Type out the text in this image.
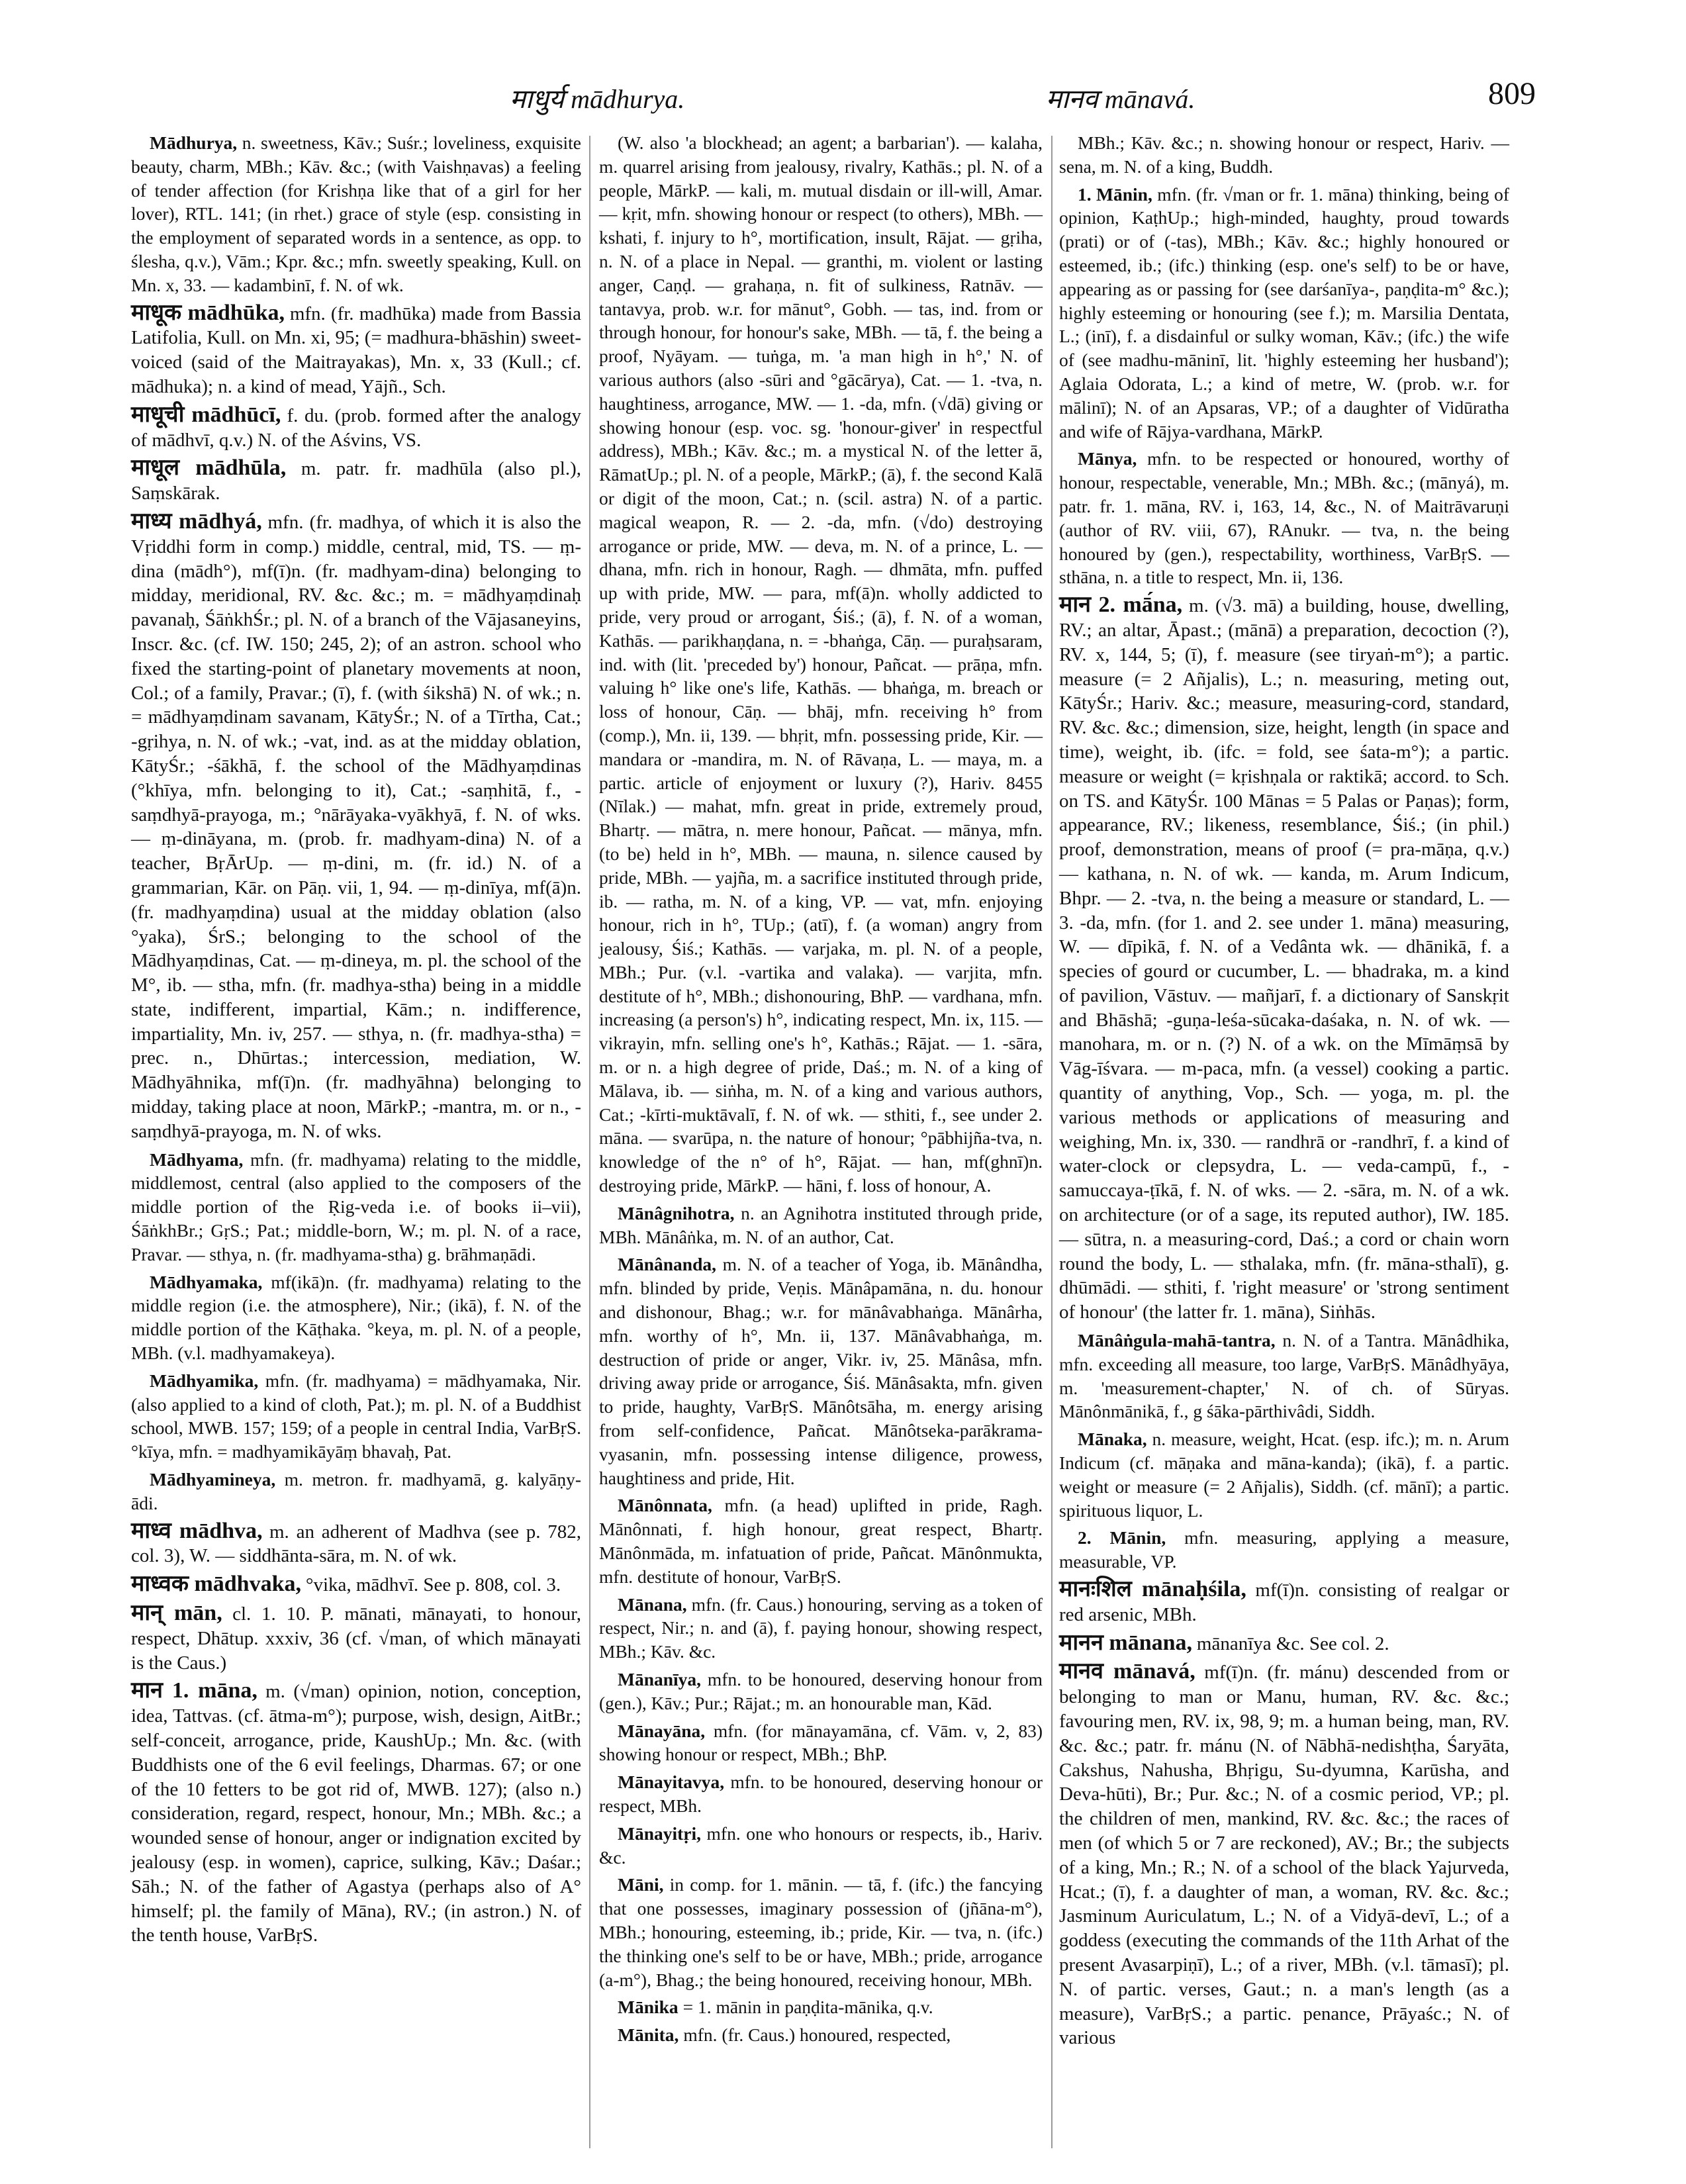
माधुर्य mādhurya.	मानव mānavá.	809

Mādhurya, n. sweetness, Kāv.; Suśr.; loveliness, exquisite beauty, charm, MBh.; Kāv. &c.; (with Vaishṇavas) a feeling of tender affection (for Krishṇa like that of a girl for her lover), RTL. 141; (in rhet.) grace of style (esp. consisting in the employment of separated words in a sentence, as opp. to ślesha, q.v.), Vām.; Kpr. &c.; mfn. sweetly speaking, Kull. on Mn. x, 33. — kadambinī, f. N. of wk.

माधूक mādhūka, mfn. (fr. madhūka) made from Bassia Latifolia, Kull. on Mn. xi, 95; (= madhura-bhāshin) sweet-voiced (said of the Maitrayakas), Mn. x, 33 (Kull.; cf. mādhuka); n. a kind of mead, Yājñ., Sch.

माधूची mādhūcī, f. du. (prob. formed after the analogy of mādhvī, q.v.) N. of the Aśvins, VS.

माधूल mādhūla, m. patr. fr. madhūla (also pl.), Saṃskārak.

माध्य mādhyá, mfn. (fr. madhya, of which it is also the Vṛiddhi form in comp.) middle, central, mid, TS. — ṃ-dina (mādh°), mf(ī)n. (fr. madhyam-dina) belonging to midday, meridional, RV. &c. &c.; m. = mādhyaṃdinaḥ pavanaḥ, ŚāṅkhŚr.; pl. N. of a branch of the Vājasaneyins, Inscr. &c. (cf. IW. 150; 245, 2); of an astron. school who fixed the starting-point of planetary movements at noon, Col.; of a family, Pravar.; (ī), f. (with śikshā) N. of wk.; n. = mādhyaṃdinam savanam, KātyŚr.; N. of a Tīrtha, Cat.; -gṛihya, n. N. of wk.; -vat, ind. as at the midday oblation, KātyŚr.; -śākhā, f. the school of the Mādhyaṃdinas (°khīya, mfn. belonging to it), Cat.; -saṃhitā, f., -saṃdhyā-prayoga, m.; °nārāyaka-vyākhyā, f. N. of wks. — ṃ-dināyana, m. (prob. fr. madhyam-dina) N. of a teacher, BṛĀrUp. — ṃ-dini, m. (fr. id.) N. of a grammarian, Kār. on Pāṇ. vii, 1, 94. — ṃ-dinīya, mf(ā)n. (fr. madhyaṃdina) usual at the midday oblation (also °yaka), ŚrS.; belonging to the school of the Mādhyaṃdinas, Cat. — ṃ-dineya, m. pl. the school of the M°, ib. — stha, mfn. (fr. madhya-stha) being in a middle state, indifferent, impartial, Kām.; n. indifference, impartiality, Mn. iv, 257. — sthya, n. (fr. madhya-stha) = prec. n., Dhūrtas.; intercession, mediation, W. Mādhyāhnika, mf(ī)n. (fr. madhyāhna) belonging to midday, taking place at noon, MārkP.; -mantra, m. or n., -saṃdhyā-prayoga, m. N. of wks.

Mādhyama, mfn. (fr. madhyama) relating to the middle, middlemost, central (also applied to the composers of the middle portion of the Ṛig-veda i.e. of books ii–vii), ŚāṅkhBr.; GṛS.; Pat.; middle-born, W.; m. pl. N. of a race, Pravar. — sthya, n. (fr. madhyama-stha) g. brāhmaṇādi.

Mādhyamaka, mf(ikā)n. (fr. madhyama) relating to the middle region (i.e. the atmosphere), Nir.; (ikā), f. N. of the middle portion of the Kāṭhaka. °keya, m. pl. N. of a people, MBh. (v.l. madhyamakeya).

Mādhyamika, mfn. (fr. madhyama) = mādhyamaka, Nir. (also applied to a kind of cloth, Pat.); m. pl. N. of a Buddhist school, MWB. 157; 159; of a people in central India, VarBṛS. °kīya, mfn. = madhyamikāyāṃ bhavaḥ, Pat.

Mādhyamineya, m. metron. fr. madhyamā, g. kalyāṇy-ādi.

माध्व mādhva, m. an adherent of Madhva (see p. 782, col. 3), W. — siddhānta-sāra, m. N. of wk.

माध्वक mādhvaka, °vika, mādhvī. See p. 808, col. 3.

मान् mān, cl. 1. 10. P. mānati, mānayati, to honour, respect, Dhātup. xxxiv, 36 (cf. √man, of which mānayati is the Caus.)

मान 1. māna, m. (√man) opinion, notion, conception, idea, Tattvas. (cf. ātma-m°); purpose, wish, design, AitBr.; self-conceit, arrogance, pride, KaushUp.; Mn. &c. (with Buddhists one of the 6 evil feelings, Dharmas. 67; or one of the 10 fetters to be got rid of, MWB. 127); (also n.) consideration, regard, respect, honour, Mn.; MBh. &c.; a wounded sense of honour, anger or indignation excited by jealousy (esp. in women), caprice, sulking, Kāv.; Daśar.; Sāh.; N. of the father of Agastya (perhaps also of A° himself; pl. the family of Māna), RV.; (in astron.) N. of the tenth house, VarBṛS.

(W. also 'a blockhead; an agent; a barbarian'). — kalaha, m. quarrel arising from jealousy, rivalry, Kathās.; pl. N. of a people, MārkP. — kali, m. mutual disdain or ill-will, Amar. — kṛit, mfn. showing honour or respect (to others), MBh. — kshati, f. injury to h°, mortification, insult, Rājat. — gṛiha, n. N. of a place in Nepal. — granthi, m. violent or lasting anger, Caṇḍ. — grahaṇa, n. fit of sulkiness, Ratnāv. — tantavya, prob. w.r. for mānut°, Gobh. — tas, ind. from or through honour, for honour's sake, MBh. — tā, f. the being a proof, Nyāyam. — tuṅga, m. 'a man high in h°,' N. of various authors (also -sūri and °gācārya), Cat. — 1. -tva, n. haughtiness, arrogance, MW. — 1. -da, mfn. (√dā) giving or showing honour (esp. voc. sg. 'honour-giver' in respectful address), MBh.; Kāv. &c.; m. a mystical N. of the letter ā, RāmatUp.; pl. N. of a people, MārkP.; (ā), f. the second Kalā or digit of the moon, Cat.; n. (scil. astra) N. of a partic. magical weapon, R. — 2. -da, mfn. (√do) destroying arrogance or pride, MW. — deva, m. N. of a prince, L. — dhana, mfn. rich in honour, Ragh. — dhmāta, mfn. puffed up with pride, MW. — para, mf(ā)n. wholly addicted to pride, very proud or arrogant, Śiś.; (ā), f. N. of a woman, Kathās. — parikhaṇḍana, n. = -bhaṅga, Cāṇ. — puraḥsaram, ind. with (lit. 'preceded by') honour, Pañcat. — prāṇa, mfn. valuing h° like one's life, Kathās. — bhaṅga, m. breach or loss of honour, Cāṇ. — bhāj, mfn. receiving h° from (comp.), Mn. ii, 139. — bhṛit, mfn. possessing pride, Kir. — mandara or -mandira, m. N. of Rāvaṇa, L. — maya, m. a partic. article of enjoyment or luxury (?), Hariv. 8455 (Nīlak.) — mahat, mfn. great in pride, extremely proud, Bhartṛ. — mātra, n. mere honour, Pañcat. — mānya, mfn. (to be) held in h°, MBh. — mauna, n. silence caused by pride, MBh. — yajña, m. a sacrifice instituted through pride, ib. — ratha, m. N. of a king, VP. — vat, mfn. enjoying honour, rich in h°, TUp.; (atī), f. (a woman) angry from jealousy, Śiś.; Kathās. — varjaka, m. pl. N. of a people, MBh.; Pur. (v.l. -vartika and valaka). — varjita, mfn. destitute of h°, MBh.; dishonouring, BhP. — vardhana, mfn. increasing (a person's) h°, indicating respect, Mn. ix, 115. — vikrayin, mfn. selling one's h°, Kathās.; Rājat. — 1. -sāra, m. or n. a high degree of pride, Daś.; m. N. of a king of Mālava, ib. — siṅha, m. N. of a king and various authors, Cat.; -kīrti-muktāvalī, f. N. of wk. — sthiti, f., see under 2. māna. — svarūpa, n. the nature of honour; °pābhijña-tva, n. knowledge of the n° of h°, Rājat. — han, mf(ghnī)n. destroying pride, MārkP. — hāni, f. loss of honour, A.

Mānâgnihotra, n. an Agnihotra instituted through pride, MBh. Mānâṅka, m. N. of an author, Cat.

Mānânanda, m. N. of a teacher of Yoga, ib. Mānândha, mfn. blinded by pride, Veṇis. Mānâpamāna, n. du. honour and dishonour, Bhag.; w.r. for mānâvabhaṅga. Mānârha, mfn. worthy of h°, Mn. ii, 137. Mānâvabhaṅga, m. destruction of pride or anger, Vikr. iv, 25. Mānâsa, mfn. driving away pride or arrogance, Śiś. Mānâsakta, mfn. given to pride, haughty, VarBṛS. Mānôtsāha, m. energy arising from self-confidence, Pañcat. Mānôtseka-parākrama-vyasanin, mfn. possessing intense diligence, prowess, haughtiness and pride, Hit.

Mānônnata, mfn. (a head) uplifted in pride, Ragh. Mānônnati, f. high honour, great respect, Bhartṛ. Mānônmāda, m. infatuation of pride, Pañcat. Mānônmukta, mfn. destitute of honour, VarBṛS.

Mānana, mfn. (fr. Caus.) honouring, serving as a token of respect, Nir.; n. and (ā), f. paying honour, showing respect, MBh.; Kāv. &c.

Mānanīya, mfn. to be honoured, deserving honour from (gen.), Kāv.; Pur.; Rājat.; m. an honourable man, Kād.

Mānayāna, mfn. (for mānayamāna, cf. Vām. v, 2, 83) showing honour or respect, MBh.; BhP.

Mānayitavya, mfn. to be honoured, deserving honour or respect, MBh.

Mānayitṛi, mfn. one who honours or respects, ib., Hariv. &c.

Māni, in comp. for 1. mānin. — tā, f. (ifc.) the fancying that one possesses, imaginary possession of (jñāna-m°), MBh.; honouring, esteeming, ib.; pride, Kir. — tva, n. (ifc.) the thinking one's self to be or have, MBh.; pride, arrogance (a-m°), Bhag.; the being honoured, receiving honour, MBh.

Mānika = 1. mānin in paṇḍita-mānika, q.v.

Mānita, mfn. (fr. Caus.) honoured, respected,

MBh.; Kāv. &c.; n. showing honour or respect, Hariv. — sena, m. N. of a king, Buddh.

1. Mānin, mfn. (fr. √man or fr. 1. māna) thinking, being of opinion, KaṭhUp.; high-minded, haughty, proud towards (prati) or of (-tas), MBh.; Kāv. &c.; highly honoured or esteemed, ib.; (ifc.) thinking (esp. one's self) to be or have, appearing as or passing for (see darśanīya-, paṇḍita-m° &c.); highly esteeming or honouring (see f.); m. Marsilia Dentata, L.; (inī), f. a disdainful or sulky woman, Kāv.; (ifc.) the wife of (see madhu-māninī, lit. 'highly esteeming her husband'); Aglaia Odorata, L.; a kind of metre, W. (prob. w.r. for mālinī); N. of an Apsaras, VP.; of a daughter of Vidūratha and wife of Rājya-vardhana, MārkP.

Mānya, mfn. to be respected or honoured, worthy of honour, respectable, venerable, Mn.; MBh. &c.; (mānyá), m. patr. fr. 1. māna, RV. i, 163, 14, &c., N. of Maitrāvaruṇi (author of RV. viii, 67), RAnukr. — tva, n. the being honoured by (gen.), respectability, worthiness, VarBṛS. — sthāna, n. a title to respect, Mn. ii, 136.

मान 2. mā́na, m. (√3. mā) a building, house, dwelling, RV.; an altar, Āpast.; (mānā) a preparation, decoction (?), RV. x, 144, 5; (ī), f. measure (see tiryaṅ-m°); a partic. measure (= 2 Añjalis), L.; n. measuring, meting out, KātyŚr.; Hariv. &c.; measure, measuring-cord, standard, RV. &c. &c.; dimension, size, height, length (in space and time), weight, ib. (ifc. = fold, see śata-m°); a partic. measure or weight (= kṛishṇala or raktikā; accord. to Sch. on TS. and KātyŚr. 100 Mānas = 5 Palas or Paṇas); form, appearance, RV.; likeness, resemblance, Śiś.; (in phil.) proof, demonstration, means of proof (= pra-māṇa, q.v.) — kathana, n. N. of wk. — kanda, m. Arum Indicum, Bhpr. — 2. -tva, n. the being a measure or standard, L. — 3. -da, mfn. (for 1. and 2. see under 1. māna) measuring, W. — dīpikā, f. N. of a Vedânta wk. — dhānikā, f. a species of gourd or cucumber, L. — bhadraka, m. a kind of pavilion, Vāstuv. — mañjarī, f. a dictionary of Sanskṛit and Bhāshā; -guṇa-leśa-sūcaka-daśaka, n. N. of wk. — manohara, m. or n. (?) N. of a wk. on the Mīmāṃsā by Vāg-īśvara. — m-paca, mfn. (a vessel) cooking a partic. quantity of anything, Vop., Sch. — yoga, m. pl. the various methods or applications of measuring and weighing, Mn. ix, 330. — randhrā or -randhrī, f. a kind of water-clock or clepsydra, L. — veda-campū, f., -samuccaya-ṭīkā, f. N. of wks. — 2. -sāra, m. N. of a wk. on architecture (or of a sage, its reputed author), IW. 185. — sūtra, n. a measuring-cord, Daś.; a cord or chain worn round the body, L. — sthalaka, mfn. (fr. māna-sthalī), g. dhūmādi. — sthiti, f. 'right measure' or 'strong sentiment of honour' (the latter fr. 1. māna), Siṅhās.

Mānâṅgula-mahā-tantra, n. N. of a Tantra. Mānâdhika, mfn. exceeding all measure, too large, VarBṛS. Mānâdhyāya, m. 'measurement-chapter,' N. of ch. of Sūryas. Mānônmānikā, f., g śāka-pārthivâdi, Siddh.

Mānaka, n. measure, weight, Hcat. (esp. ifc.); m. n. Arum Indicum (cf. māṇaka and māna-kanda); (ikā), f. a partic. weight or measure (= 2 Añjalis), Siddh. (cf. mānī); a partic. spirituous liquor, L.

2. Mānin, mfn. measuring, applying a measure, measurable, VP.

मानःशिल mānaḥśila, mf(ī)n. consisting of realgar or red arsenic, MBh.

मानन mānana, mānanīya &c. See col. 2.

मानव mānavá, mf(ī)n. (fr. mánu) descended from or belonging to man or Manu, human, RV. &c. &c.; favouring men, RV. ix, 98, 9; m. a human being, man, RV. &c. &c.; patr. fr. mánu (N. of Nābhā-nedishṭha, Śaryāta, Cakshus, Nahusha, Bhṛigu, Su-dyumna, Karūsha, and Deva-hūti), Br.; Pur. &c.; N. of a cosmic period, VP.; pl. the children of men, mankind, RV. &c. &c.; the races of men (of which 5 or 7 are reckoned), AV.; Br.; the subjects of a king, Mn.; R.; N. of a school of the black Yajurveda, Hcat.; (ī), f. a daughter of man, a woman, RV. &c. &c.; Jasminum Auriculatum, L.; N. of a Vidyā-devī, L.; of a goddess (executing the commands of the 11th Arhat of the present Avasarpiṇī), L.; of a river, MBh. (v.l. tāmasī); pl. N. of partic. verses, Gaut.; n. a man's length (as a measure), VarBṛS.; a partic. penance, Prāyaśc.; N. of various
